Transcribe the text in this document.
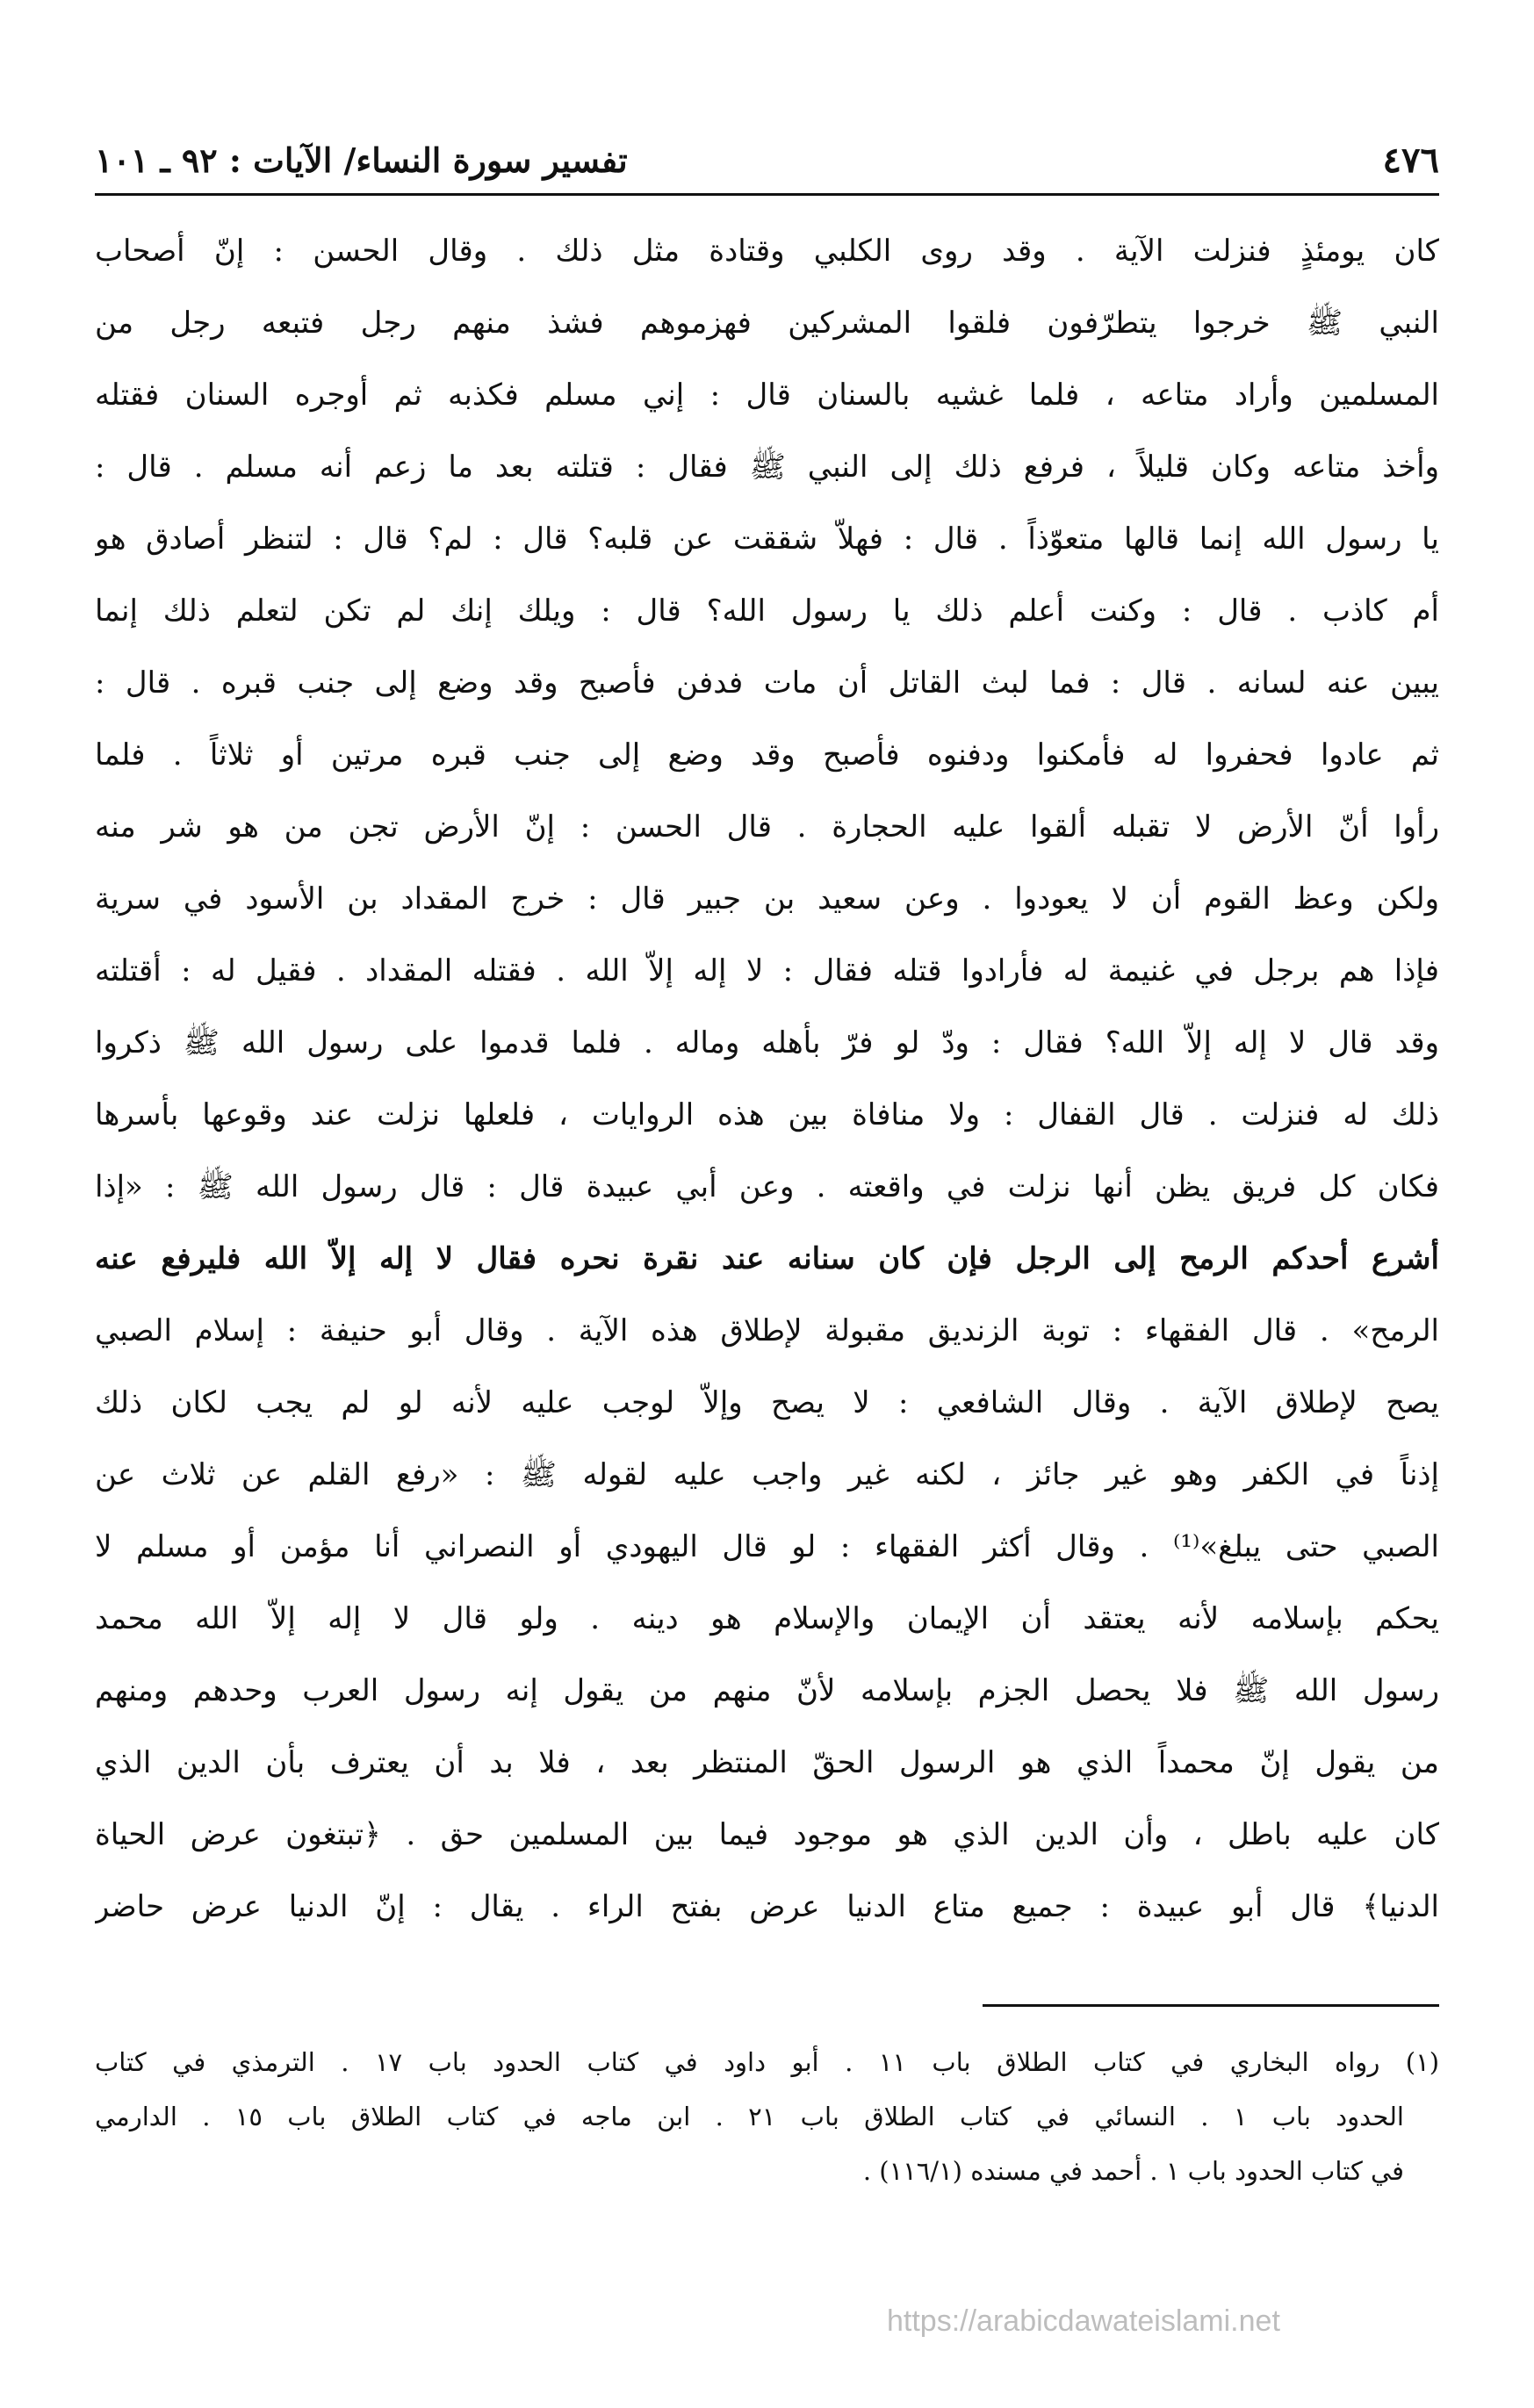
٤٧٦
تفسير سورة النساء/ الآيات : ٩٢ ـ ١٠١
كان يومئذٍ فنزلت الآية . وقد روى الكلبي وقتادة مثل ذلك . وقال الحسن : إنّ أصحاب
النبي ﷺ خرجوا يتطرّفون فلقوا المشركين فهزموهم فشذ منهم رجل فتبعه رجل من
المسلمين وأراد متاعه ، فلما غشيه بالسنان قال : إني مسلم فكذبه ثم أوجره السنان فقتله
وأخذ متاعه وكان قليلاً ، فرفع ذلك إلى النبي ﷺ فقال : قتلته بعد ما زعم أنه مسلم . قال :
يا رسول الله إنما قالها متعوّذاً . قال : فهلاّ شققت عن قلبه؟ قال : لم؟ قال : لتنظر أصادق هو
أم كاذب . قال : وكنت أعلم ذلك يا رسول الله؟ قال : ويلك إنك لم تكن لتعلم ذلك إنما
يبين عنه لسانه . قال : فما لبث القاتل أن مات فدفن فأصبح وقد وضع إلى جنب قبره . قال :
ثم عادوا فحفروا له فأمكنوا ودفنوه فأصبح وقد وضع إلى جنب قبره مرتين أو ثلاثاً . فلما
رأوا أنّ الأرض لا تقبله ألقوا عليه الحجارة . قال الحسن : إنّ الأرض تجن من هو شر منه
ولكن وعظ القوم أن لا يعودوا . وعن سعيد بن جبير قال : خرج المقداد بن الأسود في سرية
فإذا هم برجل في غنيمة له فأرادوا قتله فقال : لا إله إلاّ الله . فقتله المقداد . فقيل له : أقتلته
وقد قال لا إله إلاّ الله؟ فقال : ودّ لو فرّ بأهله وماله . فلما قدموا على رسول الله ﷺ ذكروا
ذلك له فنزلت . قال القفال : ولا منافاة بين هذه الروايات ، فلعلها نزلت عند وقوعها بأسرها
فكان كل فريق يظن أنها نزلت في واقعته . وعن أبي عبيدة قال : قال رسول الله ﷺ : «إذا
أشرع أحدكم الرمح إلى الرجل فإن كان سنانه عند نقرة نحره فقال لا إله إلاّ الله فليرفع عنه
الرمح» . قال الفقهاء : توبة الزنديق مقبولة لإطلاق هذه الآية . وقال أبو حنيفة : إسلام الصبي
يصح لإطلاق الآية . وقال الشافعي : لا يصح وإلاّ لوجب عليه لأنه لو لم يجب لكان ذلك
إذناً في الكفر وهو غير جائز ، لكنه غير واجب عليه لقوله ﷺ : «رفع القلم عن ثلاث عن
الصبي حتى يبلغ»⁽¹⁾ . وقال أكثر الفقهاء : لو قال اليهودي أو النصراني أنا مؤمن أو مسلم لا
يحكم بإسلامه لأنه يعتقد أن الإيمان والإسلام هو دينه . ولو قال لا إله إلاّ الله محمد
رسول الله ﷺ فلا يحصل الجزم بإسلامه لأنّ منهم من يقول إنه رسول العرب وحدهم ومنهم
من يقول إنّ محمداً الذي هو الرسول الحقّ المنتظر بعد ، فلا بد أن يعترف بأن الدين الذي
كان عليه باطل ، وأن الدين الذي هو موجود فيما بين المسلمين حق . ﴿تبتغون عرض الحياة
الدنيا﴾ قال أبو عبيدة : جميع متاع الدنيا عرض بفتح الراء . يقال : إنّ الدنيا عرض حاضر
(١) رواه البخاري في كتاب الطلاق باب ١١ . أبو داود في كتاب الحدود باب ١٧ . الترمذي في كتاب
الحدود باب ١ . النسائي في كتاب الطلاق باب ٢١ . ابن ماجه في كتاب الطلاق باب ١٥ . الدارمي
في كتاب الحدود باب ١ . أحمد في مسنده (١١٦/١) .
https://arabicdawateislami.net
